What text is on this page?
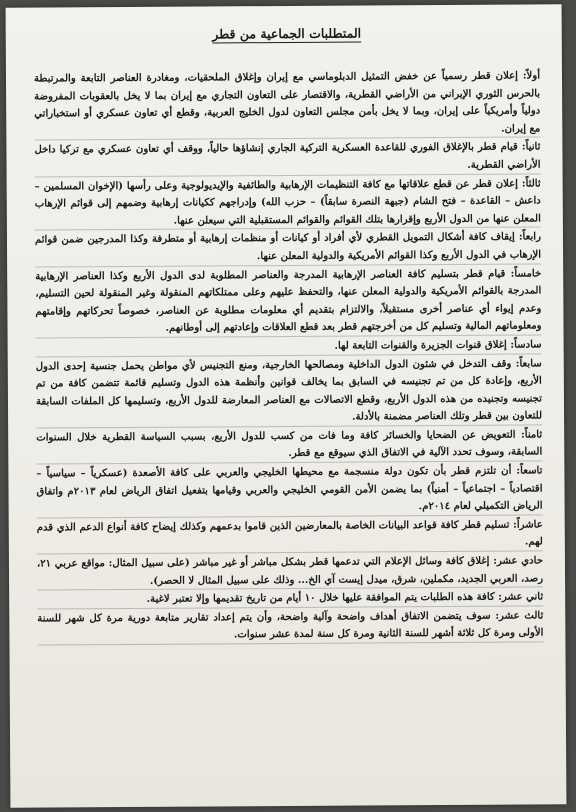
المتطلبات الجماعية من قطر

أولاً: إعلان قطر رسمياً عن خفض التمثيل الدبلوماسي مع إيران وإغلاق الملحقيات، ومغادرة العناصر التابعة والمرتبطة بالحرس الثوري الإيراني من الأراضي القطرية، والاقتصار على التعاون التجاري مع إيران بما لا يخل بالعقوبات المفروضة دولياً وأمريكياً على إيران، وبما لا يخل بأمن مجلس التعاون لدول الخليج العربية، وقطع أي تعاون عسكري أو استخباراتي مع إيران.

ثانياً: قيام قطر بالإغلاق الفوري للقاعدة العسكرية التركية الجاري إنشاؤها حالياً، ووقف أي تعاون عسكري مع تركيا داخل الأراضي القطرية.

ثالثاً: إعلان قطر عن قطع علاقاتها مع كافة التنظيمات الإرهابية والطائفية والإيديولوجية وعلى رأسها (الإخوان المسلمين – داعش – القاعدة – فتح الشام (جبهة النصرة سابقاً) – حزب الله) وإدراجهم ككيانات إرهابية وضمهم إلى قوائم الإرهاب المعلن عنها من الدول الأربع وإقرارها بتلك القوائم والقوائم المستقبلية التي سيعلن عنها.

رابعاً: إيقاف كافة أشكال التمويل القطري لأي أفراد أو كيانات أو منظمات إرهابية أو متطرفة وكذا المدرجين ضمن قوائم الإرهاب في الدول الأربع وكذا القوائم الأمريكية والدولية المعلن عنها.

خامساً: قيام قطر بتسليم كافة العناصر الإرهابية المدرجة والعناصر المطلوبة لدى الدول الأربع وكذا العناصر الإرهابية المدرجة بالقوائم الأمريكية والدولية المعلن عنها، والتحفظ عليهم وعلى ممتلكاتهم المنقولة وغير المنقولة لحين التسليم، وعدم إيواء أي عناصر أخرى مستقبلاً، والالتزام بتقديم أي معلومات مطلوبة عن العناصر، خصوصاً تحركاتهم وإقامتهم ومعلوماتهم المالية وتسليم كل من أخرجتهم قطر بعد قطع العلاقات وإعادتهم إلى أوطانهم.

سادساً: إغلاق قنوات الجزيرة والقنوات التابعة لها.

سابعاً: وقف التدخل في شئون الدول الداخلية ومصالحها الخارجية، ومنع التجنيس لأي مواطن يحمل جنسية إحدى الدول الأربع، وإعادة كل من تم تجنيسه في السابق بما يخالف قوانين وأنظمة هذه الدول وتسليم قائمة تتضمن كافة من تم تجنيسه وتجنيده من هذه الدول الأربع، وقطع الاتصالات مع العناصر المعارضة للدول الأربع، وتسليمها كل الملفات السابقة للتعاون بين قطر وتلك العناصر مضمنة بالأدلة.

ثامناً: التعويض عن الضحايا والخسائر كافة وما فات من كسب للدول الأربع، بسبب السياسة القطرية خلال السنوات السابقة، وسوف تحدد الآلية في الاتفاق الذي سيوقع مع قطر.

تاسعاً: أن تلتزم قطر بأن تكون دولة منسجمة مع محيطها الخليجي والعربي على كافة الأصعدة (عسكرياً – سياسياً – اقتصادياً – اجتماعياً – أمنياً) بما يضمن الأمن القومي الخليجي والعربي وقيامها بتفعيل اتفاق الرياض لعام ٢٠١٣م واتفاق الرياض التكميلي لعام ٢٠١٤م.

عاشراً: تسليم قطر كافة قواعد البيانات الخاصة بالمعارضين الذين قاموا بدعمهم وكذلك إيضاح كافة أنواع الدعم الذي قدم لهم.

حادي عشر: إغلاق كافة وسائل الإعلام التي تدعمها قطر بشكل مباشر أو غير مباشر (على سبيل المثال: مواقع عربي ٢١، رصد، العربي الجديد، مكملين، شرق، ميدل إيست آي الخ... وذلك على سبيل المثال لا الحصر).

ثاني عشر: كافة هذه الطلبات يتم الموافقة عليها خلال ١٠ أيام من تاريخ تقديمها وإلا تعتبر لاغية.

ثالث عشر: سوف يتضمن الاتفاق أهداف واضحة وآلية واضحة، وأن يتم إعداد تقارير متابعة دورية مرة كل شهر للسنة الأولى ومرة كل ثلاثة أشهر للسنة الثانية ومرة كل سنة لمدة عشر سنوات.
